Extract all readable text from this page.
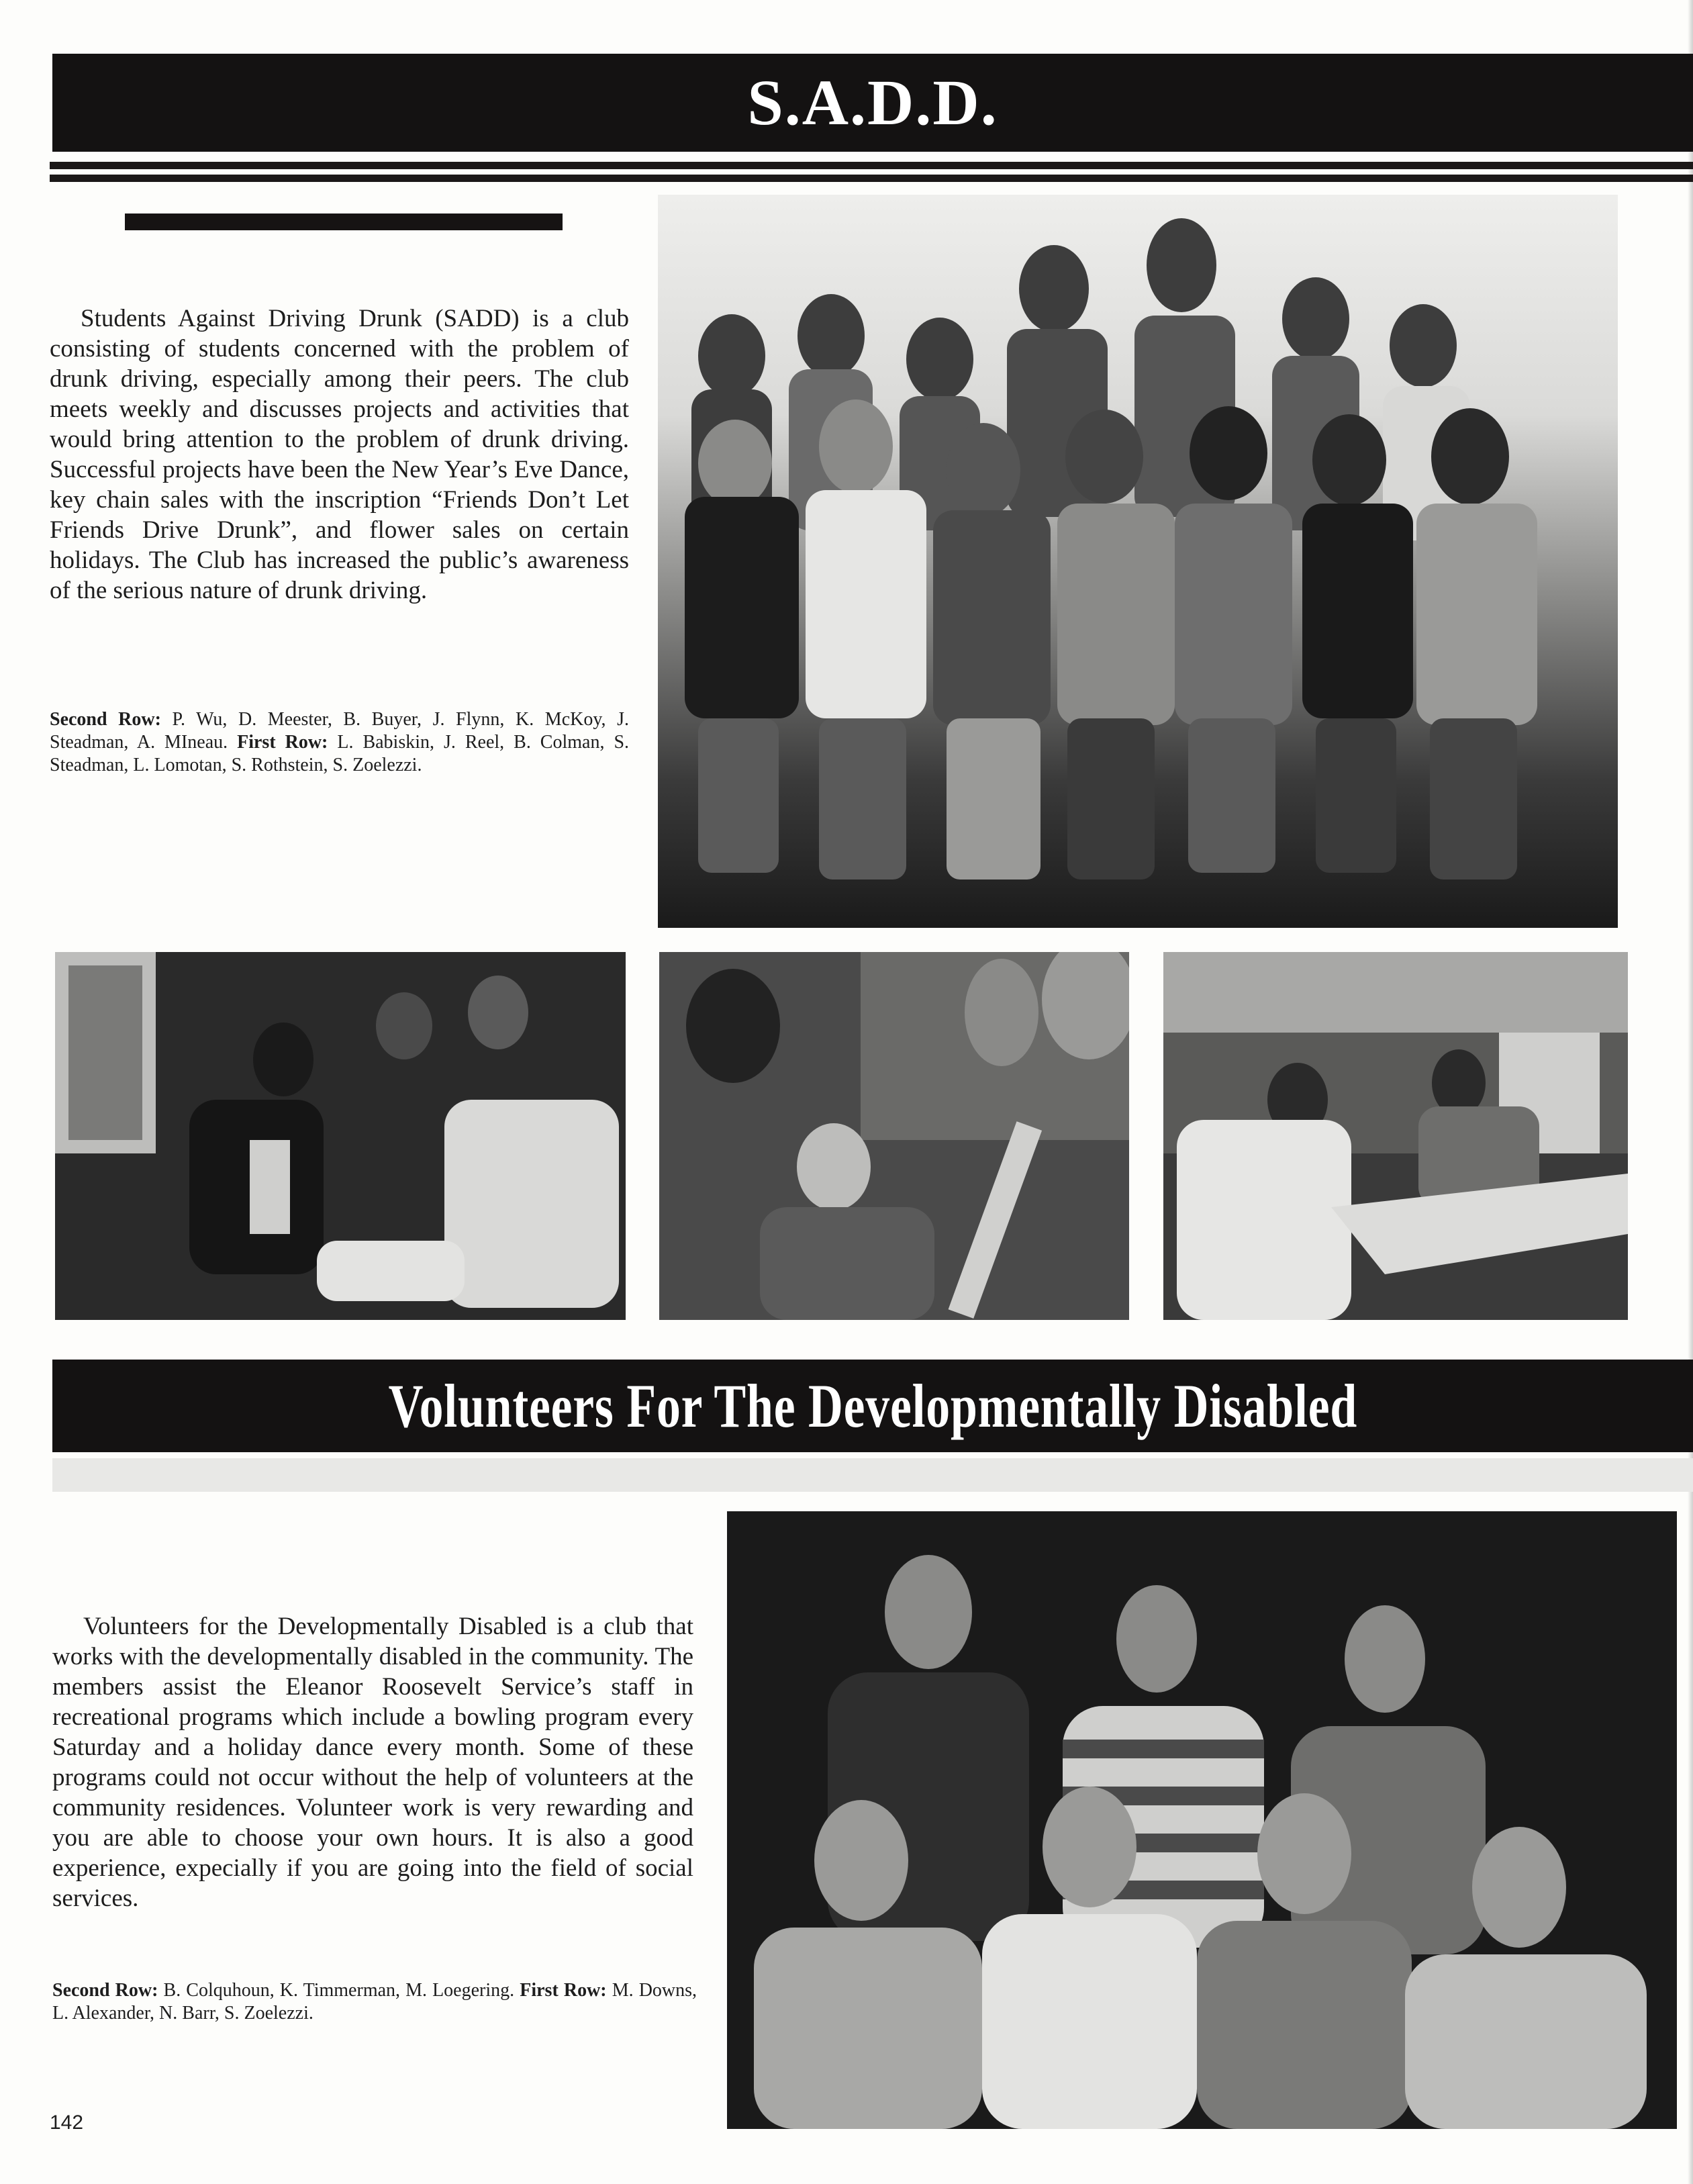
S.A.D.D.

Students Against Driving Drunk (SADD) is a club consisting of students concerned with the problem of drunk driving, especially among their peers. The club meets weekly and discusses projects and activities that would bring attention to the problem of drunk driving. Successful projects have been the New Year’s Eve Dance, key chain sales with the inscription “Friends Don’t Let Friends Drive Drunk”, and flower sales on certain holidays. The Club has increased the public’s awareness of the serious nature of drunk driving.

Second Row: P. Wu, D. Meester, B. Buyer, J. Flynn, K. McKoy, J. Steadman, A. MIneau. First Row: L. Babiskin, J. Reel, B. Colman, S. Steadman, L. Lomotan, S. Rothstein, S. Zoelezzi.
Volunteers For The Developmentally Disabled

Volunteers for the Developmentally Disabled is a club that works with the developmentally disabled in the community. The members assist the Eleanor Roosevelt Service’s staff in recreational programs which include a bowling program every Saturday and a holiday dance every month. Some of these programs could not occur without the help of volunteers at the community residences. Volunteer work is very rewarding and you are able to choose your own hours. It is also a good experience, expecially if you are going into the field of social services.

Second Row: B. Colquhoun, K. Timmerman, M. Loegering. First Row: M. Downs, L. Alexander, N. Barr, S. Zoelezzi.
142
